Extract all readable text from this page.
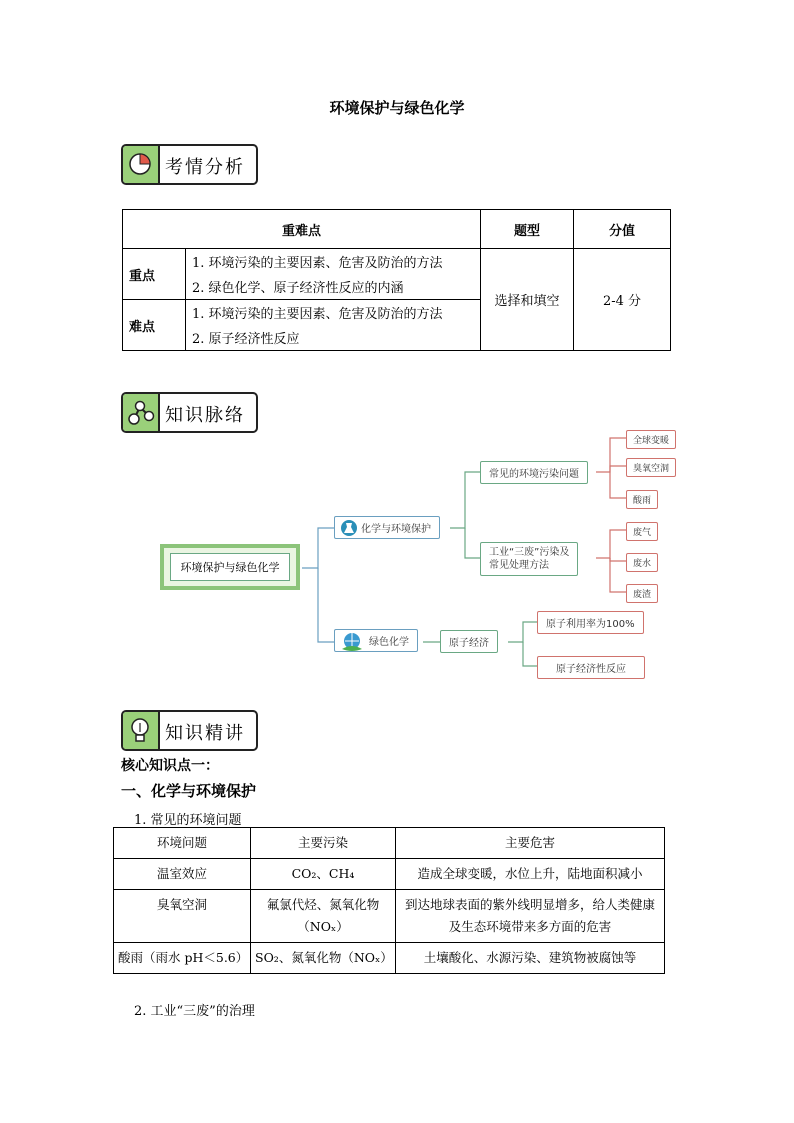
环境保护与绿色化学
考情分析
重难点		题型	分值
重点	1. 环境污染的主要因素、危害及防治的方法	选择和填空	2-4 分
	2. 绿色化学、原子经济性反应的内涵		
难点	1. 环境污染的主要因素、危害及防治的方法		
	2. 原子经济性反应		
知识脉络
环境保护与绿色化学
化学与环境保护
常见的环境污染问题
工业“三废”污染及
常见处理方法
全球变暖
臭氧空洞
酸雨
废气
废水
废渣
绿色化学	原子经济
原子利用率为100%
原子经济性反应
知识精讲
核心知识点一：
一、化学与环境保护
1. 常见的环境问题
环境问题	主要污染	主要危害
温室效应	CO₂、CH₄	造成全球变暖，水位上升，陆地面积减小
臭氧空洞	氟氯代烃、氮氧化物（NOₓ）	到达地球表面的紫外线明显增多，给人类健康及生态环境带来多方面的危害
酸雨（雨水 pH＜5.6）	SO₂、氮氧化物（NOₓ）	土壤酸化、水源污染、建筑物被腐蚀等
2. 工业“三废”的治理
